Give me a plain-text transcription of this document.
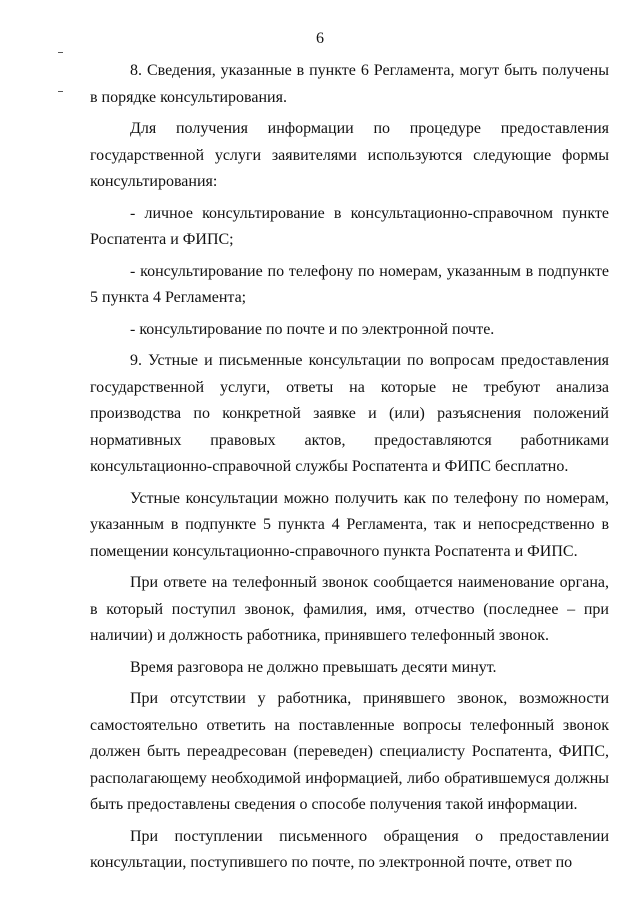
6

8. Сведения, указанные в пункте 6 Регламента, могут быть получены в порядке консультирования.

Для получения информации по процедуре предоставления государственной услуги заявителями используются следующие формы консультирования:

- личное консультирование в консультационно-справочном пункте Роспатента и ФИПС;

- консультирование по телефону по номерам, указанным в подпункте 5 пункта 4 Регламента;

- консультирование по почте и по электронной почте.

9. Устные и письменные консультации по вопросам предоставления государственной услуги, ответы на которые не требуют анализа производства по конкретной заявке и (или) разъяснения положений нормативных правовых актов, предоставляются работниками консультационно-справочной службы Роспатента и ФИПС бесплатно.

Устные консультации можно получить как по телефону по номерам, указанным в подпункте 5 пункта 4 Регламента, так и непосредственно в помещении консультационно-справочного пункта Роспатента и ФИПС.

При ответе на телефонный звонок сообщается наименование органа, в который поступил звонок, фамилия, имя, отчество (последнее – при наличии) и должность работника, принявшего телефонный звонок.

Время разговора не должно превышать десяти минут.

При отсутствии у работника, принявшего звонок, возможности самостоятельно ответить на поставленные вопросы телефонный звонок должен быть переадресован (переведен) специалисту Роспатента, ФИПС, располагающему необходимой информацией, либо обратившемуся должны быть предоставлены сведения о способе получения такой информации.

При поступлении письменного обращения о предоставлении консультации, поступившего по почте, по электронной почте, ответ по
